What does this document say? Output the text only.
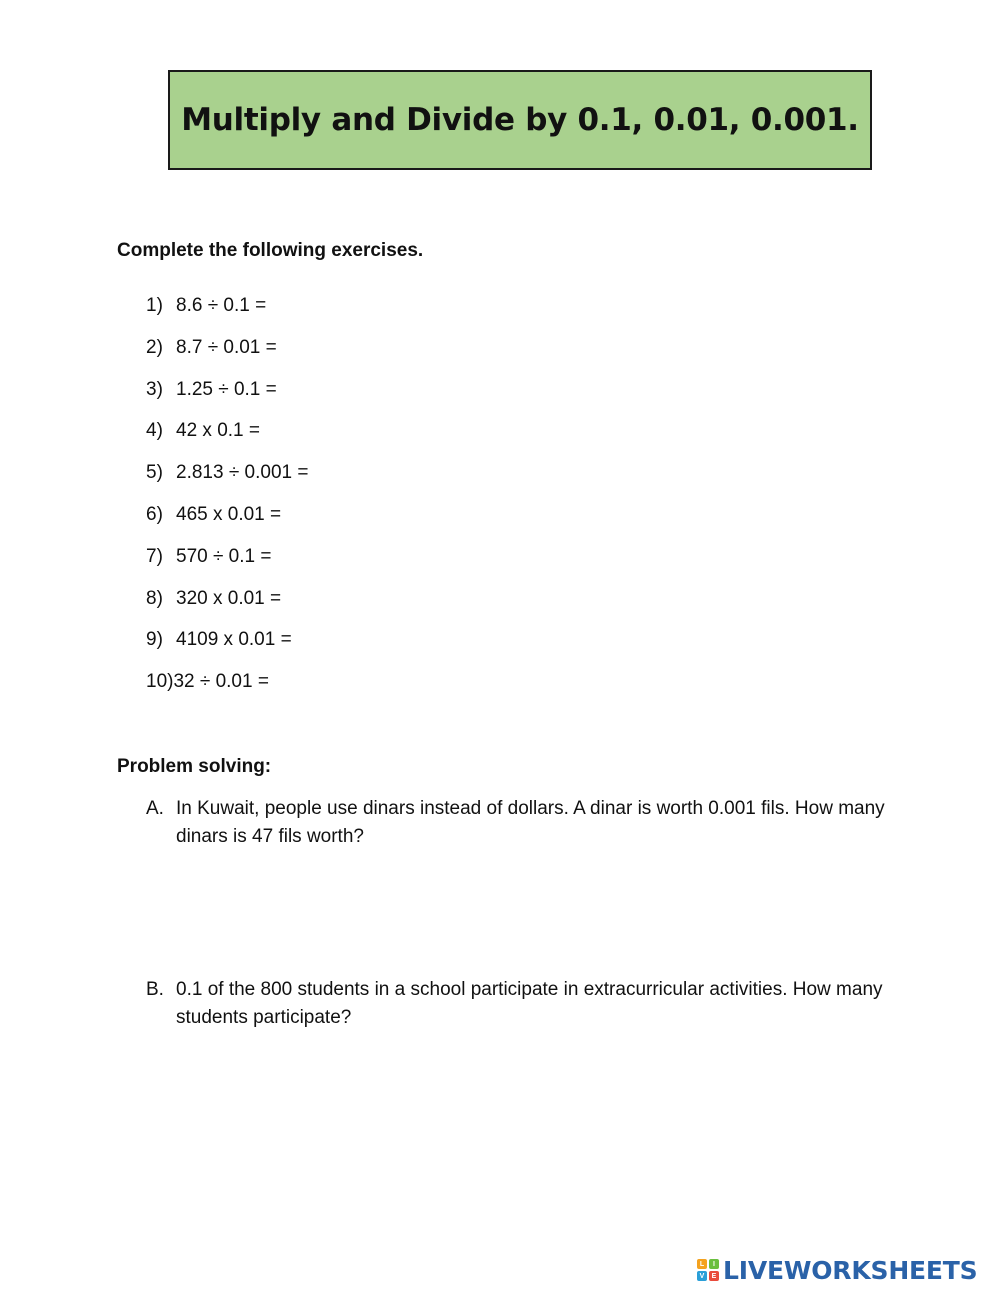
Multiply and Divide by 0.1, 0.01, 0.001.
Complete the following exercises.
1) 8.6 ÷ 0.1 =
2) 8.7 ÷ 0.01 =
3) 1.25 ÷ 0.1 =
4) 42 x 0.1 =
5) 2.813 ÷ 0.001 =
6) 465 x 0.01 =
7) 570 ÷ 0.1 =
8) 320 x 0.01 =
9) 4109 x 0.01 =
10) 32 ÷ 0.01 =
Problem solving:
A. In Kuwait, people use dinars instead of dollars. A dinar is worth 0.001 fils. How many dinars is 47 fils worth?
B. 0.1 of the 800 students in a school participate in extracurricular activities. How many students participate?
L	I
V	E LIVEWORKSHEETS
